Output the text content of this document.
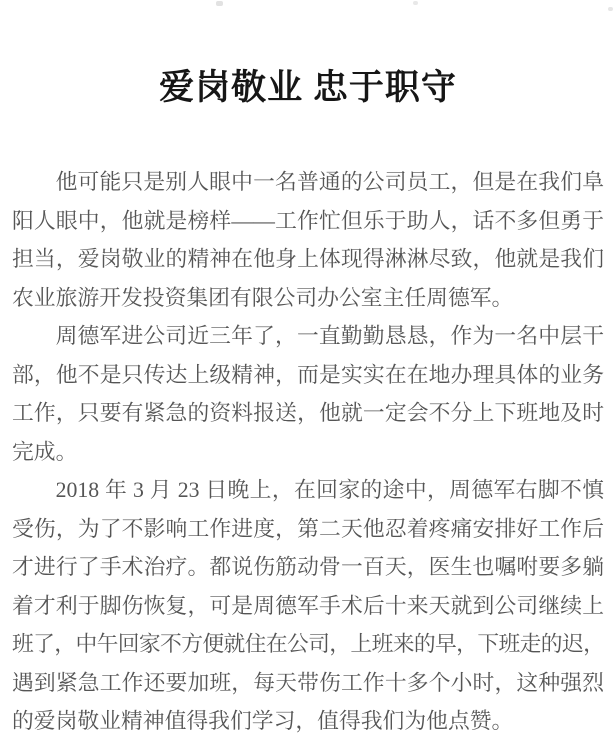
爱岗敬业 忠于职守
他可能只是别人眼中一名普通的公司员工，但是在我们阜
阳人眼中，他就是榜样——工作忙但乐于助人，话不多但勇于
担当，爱岗敬业的精神在他身上体现得淋淋尽致，他就是我们
农业旅游开发投资集团有限公司办公室主任周德军。
周德军进公司近三年了，一直勤勤恳恳，作为一名中层干
部，他不是只传达上级精神，而是实实在在地办理具体的业务
工作，只要有紧急的资料报送，他就一定会不分上下班地及时
完成。
2018 年 3 月 23 日晚上，在回家的途中，周德军右脚不慎
受伤，为了不影响工作进度，第二天他忍着疼痛安排好工作后
才进行了手术治疗。都说伤筋动骨一百天，医生也嘱咐要多躺
着才利于脚伤恢复，可是周德军手术后十来天就到公司继续上
班了，中午回家不方便就住在公司，上班来的早，下班走的迟，
遇到紧急工作还要加班，每天带伤工作十多个小时，这种强烈
的爱岗敬业精神值得我们学习，值得我们为他点赞。
